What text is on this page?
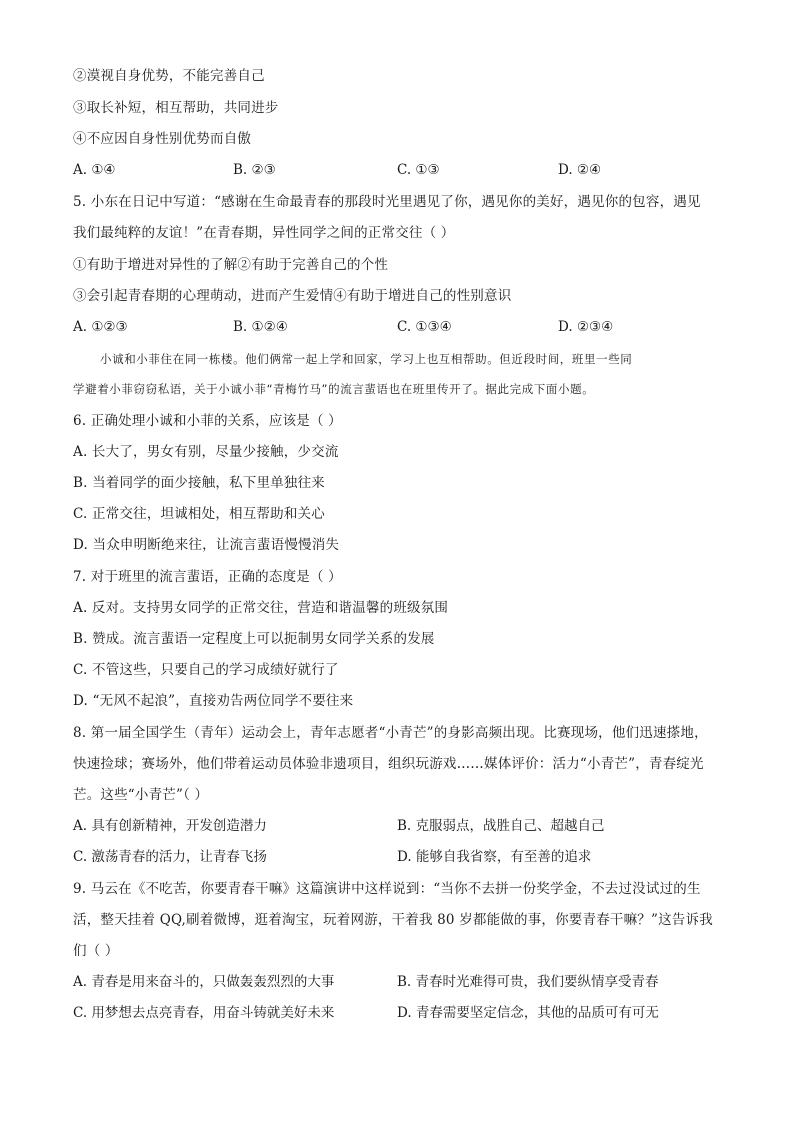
②漠视自身优势，不能完善自己
③取长补短，相互帮助，共同进步
④不应因自身性别优势而自傲
A. ①④	B. ②③	C. ①③	D. ②④
5. 小东在日记中写道：“感谢在生命最青春的那段时光里遇见了你，遇见你的美好，遇见你的包容，遇见
我们最纯粹的友谊！”在青春期，异性同学之间的正常交往（ ）
①有助于增进对异性的了解②有助于完善自己的个性
③会引起青春期的心理萌动，进而产生爱情④有助于增进自己的性别意识
A. ①②③	B. ①②④	C. ①③④	D. ②③④
小诚和小菲住在同一栋楼。他们俩常一起上学和回家，学习上也互相帮助。但近段时间，班里一些同
学避着小菲窃窃私语，关于小诚小菲“青梅竹马”的流言蜚语也在班里传开了。据此完成下面小题。
6. 正确处理小诚和小菲的关系，应该是（ ）
A. 长大了，男女有别，尽量少接触，少交流
B. 当着同学的面少接触，私下里单独往来
C. 正常交往，坦诚相处，相互帮助和关心
D. 当众申明断绝来往，让流言蜚语慢慢消失
7. 对于班里的流言蜚语，正确的态度是（ ）
A. 反对。支持男女同学的正常交往，营造和谐温馨的班级氛围
B. 赞成。流言蜚语一定程度上可以扼制男女同学关系的发展
C. 不管这些，只要自己的学习成绩好就行了
D. “无风不起浪”，直接劝告两位同学不要往来
8. 第一届全国学生（青年）运动会上，青年志愿者“小青芒”的身影高频出现。比赛现场，他们迅速搽地，
快速捡球；赛场外，他们带着运动员体验非遗项目，组织玩游戏……媒体评价：活力“小青芒”，青春绽光
芒。这些“小青芒”（ ）
A. 具有创新精神，开发创造潜力	B. 克服弱点，战胜自己、超越自己
C. 激荡青春的活力，让青春飞扬	D. 能够自我省察，有至善的追求
9. 马云在《不吃苦，你要青春干嘛》这篇演讲中这样说到：“当你不去拼一份奖学金，不去过没试过的生
活，整天挂着 QQ,刷着微博，逛着淘宝，玩着网游，干着我 80 岁都能做的事，你要青春干嘛？”这告诉我
们（ ）
A. 青春是用来奋斗的，只做轰轰烈烈的大事	B. 青春时光难得可贵，我们要纵情享受青春
C. 用梦想去点亮青春，用奋斗铸就美好未来	D. 青春需要坚定信念，其他的品质可有可无
